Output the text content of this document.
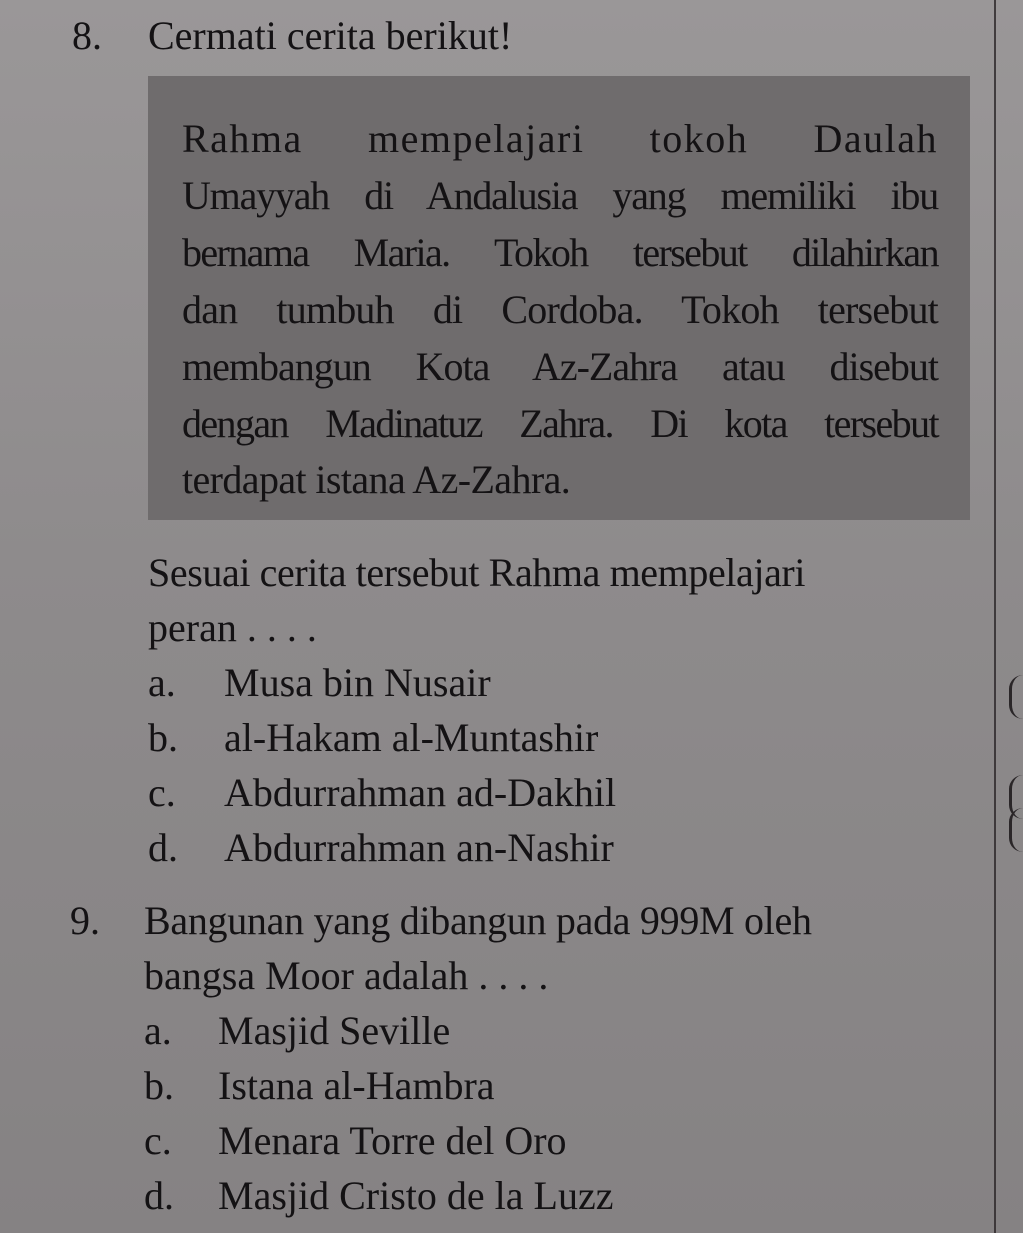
8. Cermati cerita berikut!
Rahma mempelajari tokoh Daulah
Umayyah di Andalusia yang memiliki ibu
bernama Maria. Tokoh tersebut dilahirkan
dan tumbuh di Cordoba. Tokoh tersebut
membangun Kota Az-Zahra atau disebut
dengan Madinatuz Zahra. Di kota tersebut
terdapat istana Az-Zahra.
Sesuai cerita tersebut Rahma mempelajari
peran . . . .
a. Musa bin Nusair
b. al-Hakam al-Muntashir
c. Abdurrahman ad-Dakhil
d. Abdurrahman an-Nashir
9. Bangunan yang dibangun pada 999M oleh
bangsa Moor adalah . . . .
a. Masjid Seville
b. Istana al-Hambra
c. Menara Torre del Oro
d. Masjid Cristo de la Luzz
